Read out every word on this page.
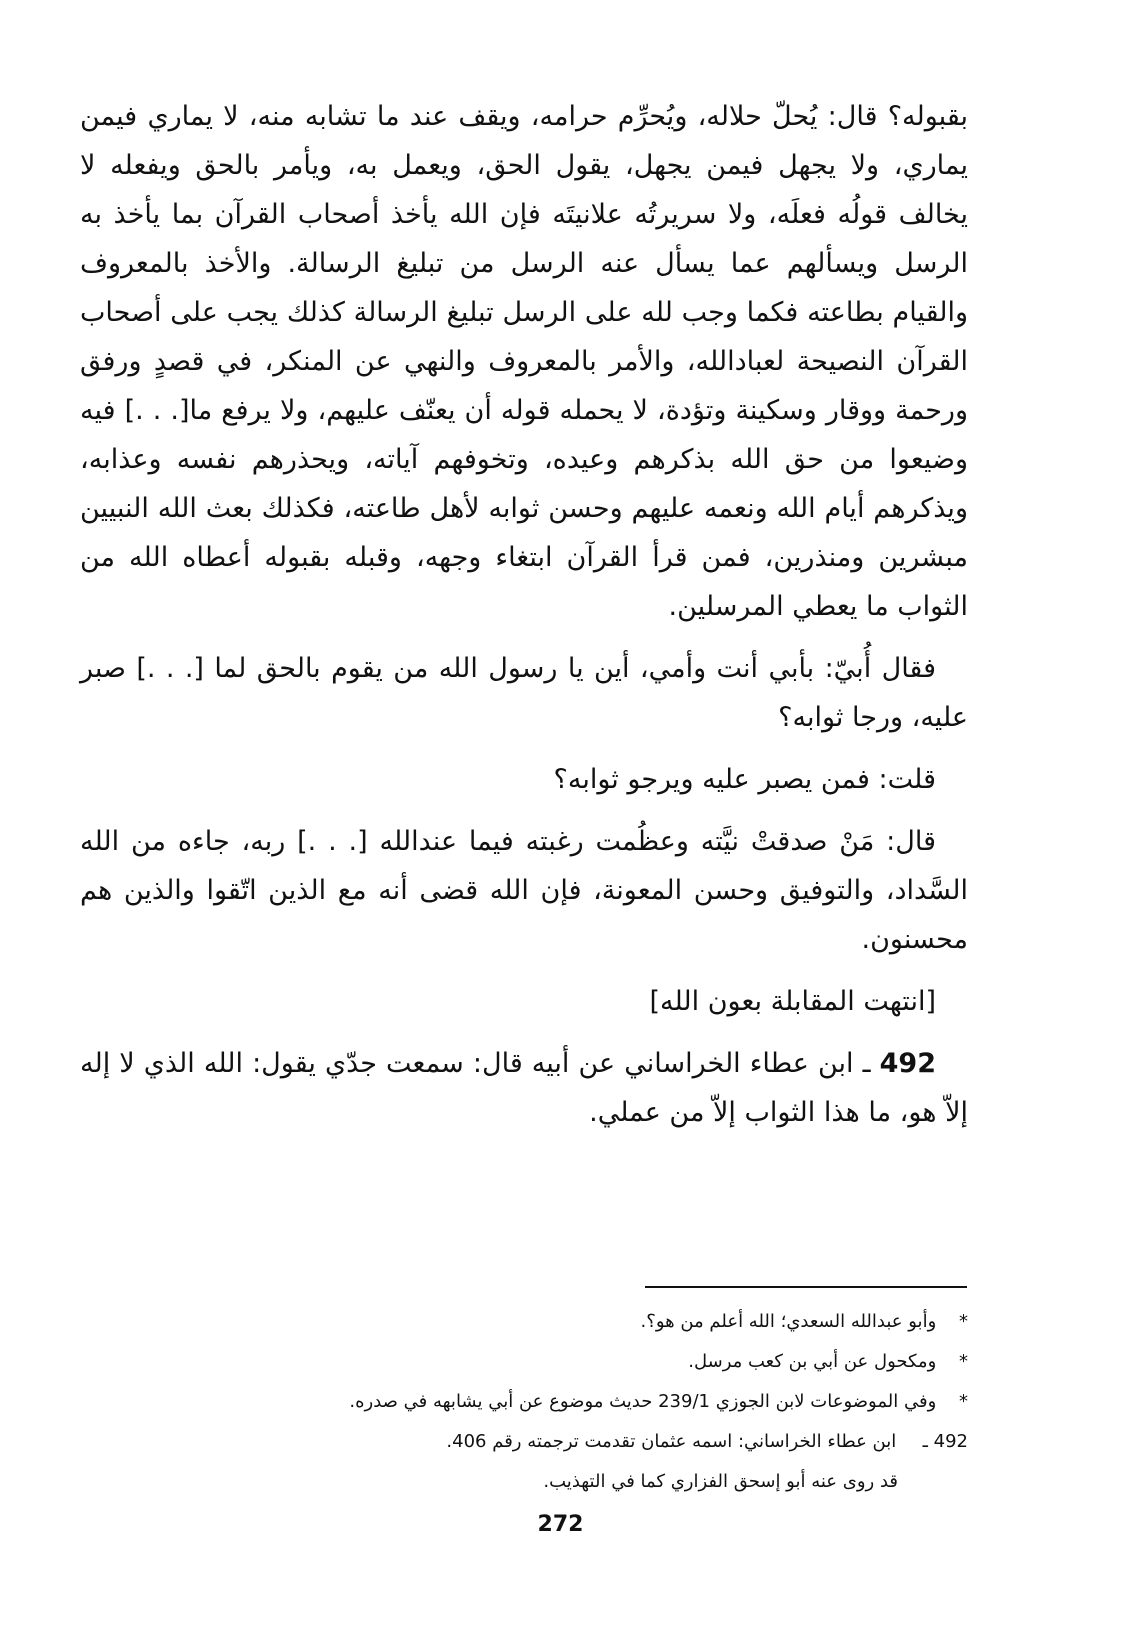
بقبوله؟ قال: يُحلّ حلاله، ويُحرِّم حرامه، ويقف عند ما تشابه منه، لا يماري فيمن يماري، ولا يجهل فيمن يجهل، يقول الحق، ويعمل به، ويأمر بالحق ويفعله لا يخالف قولُه فعلَه، ولا سريرتُه علانيتَه فإن الله يأخذ أصحاب القرآن بما يأخذ به الرسل ويسألهم عما يسأل عنه الرسل من تبليغ الرسالة. والأخذ بالمعروف والقيام بطاعته فكما وجب لله على الرسل تبليغ الرسالة كذلك يجب على أصحاب القرآن النصيحة لعبادالله، والأمر بالمعروف والنهي عن المنكر، في قصدٍ ورفق ورحمة ووقار وسكينة وتؤدة، لا يحمله قوله أن يعنّف عليهم، ولا يرفع ما[. . .] فيه وضيعوا من حق الله بذكرهم وعيده، وتخوفهم آياته، ويحذرهم نفسه وعذابه، ويذكرهم أيام الله ونعمه عليهم وحسن ثوابه لأهل طاعته، فكذلك بعث الله النبيين مبشرين ومنذرين، فمن قرأ القرآن ابتغاء وجهه، وقبله بقبوله أعطاه الله من الثواب ما يعطي المرسلين.

فقال أُبيّ: بأبي أنت وأمي، أين يا رسول الله من يقوم بالحق لما [. . .] صبر عليه، ورجا ثوابه؟

قلت: فمن يصبر عليه ويرجو ثوابه؟

قال: مَنْ صدقتْ نيَّته وعظُمت رغبته فيما عندالله [. . .] ربه، جاءه من الله السَّداد، والتوفيق وحسن المعونة، فإن الله قضى أنه مع الذين اتّقوا والذين هم محسنون.

[انتهت المقابلة بعون الله]

492 ـ ابن عطاء الخراساني عن أبيه قال: سمعت جدّي يقول: الله الذي لا إله إلاّ هو، ما هذا الثواب إلاّ من عملي.

* وأبو عبدالله السعدي؛ الله أعلم من هو؟.

* ومكحول عن أبي بن كعب مرسل.

* وفي الموضوعات لابن الجوزي 239/1 حديث موضوع عن أبي يشابهه في صدره.

492 ـ ابن عطاء الخراساني: اسمه عثمان تقدمت ترجمته رقم 406.

قد روى عنه أبو إسحق الفزاري كما في التهذيب.

272
